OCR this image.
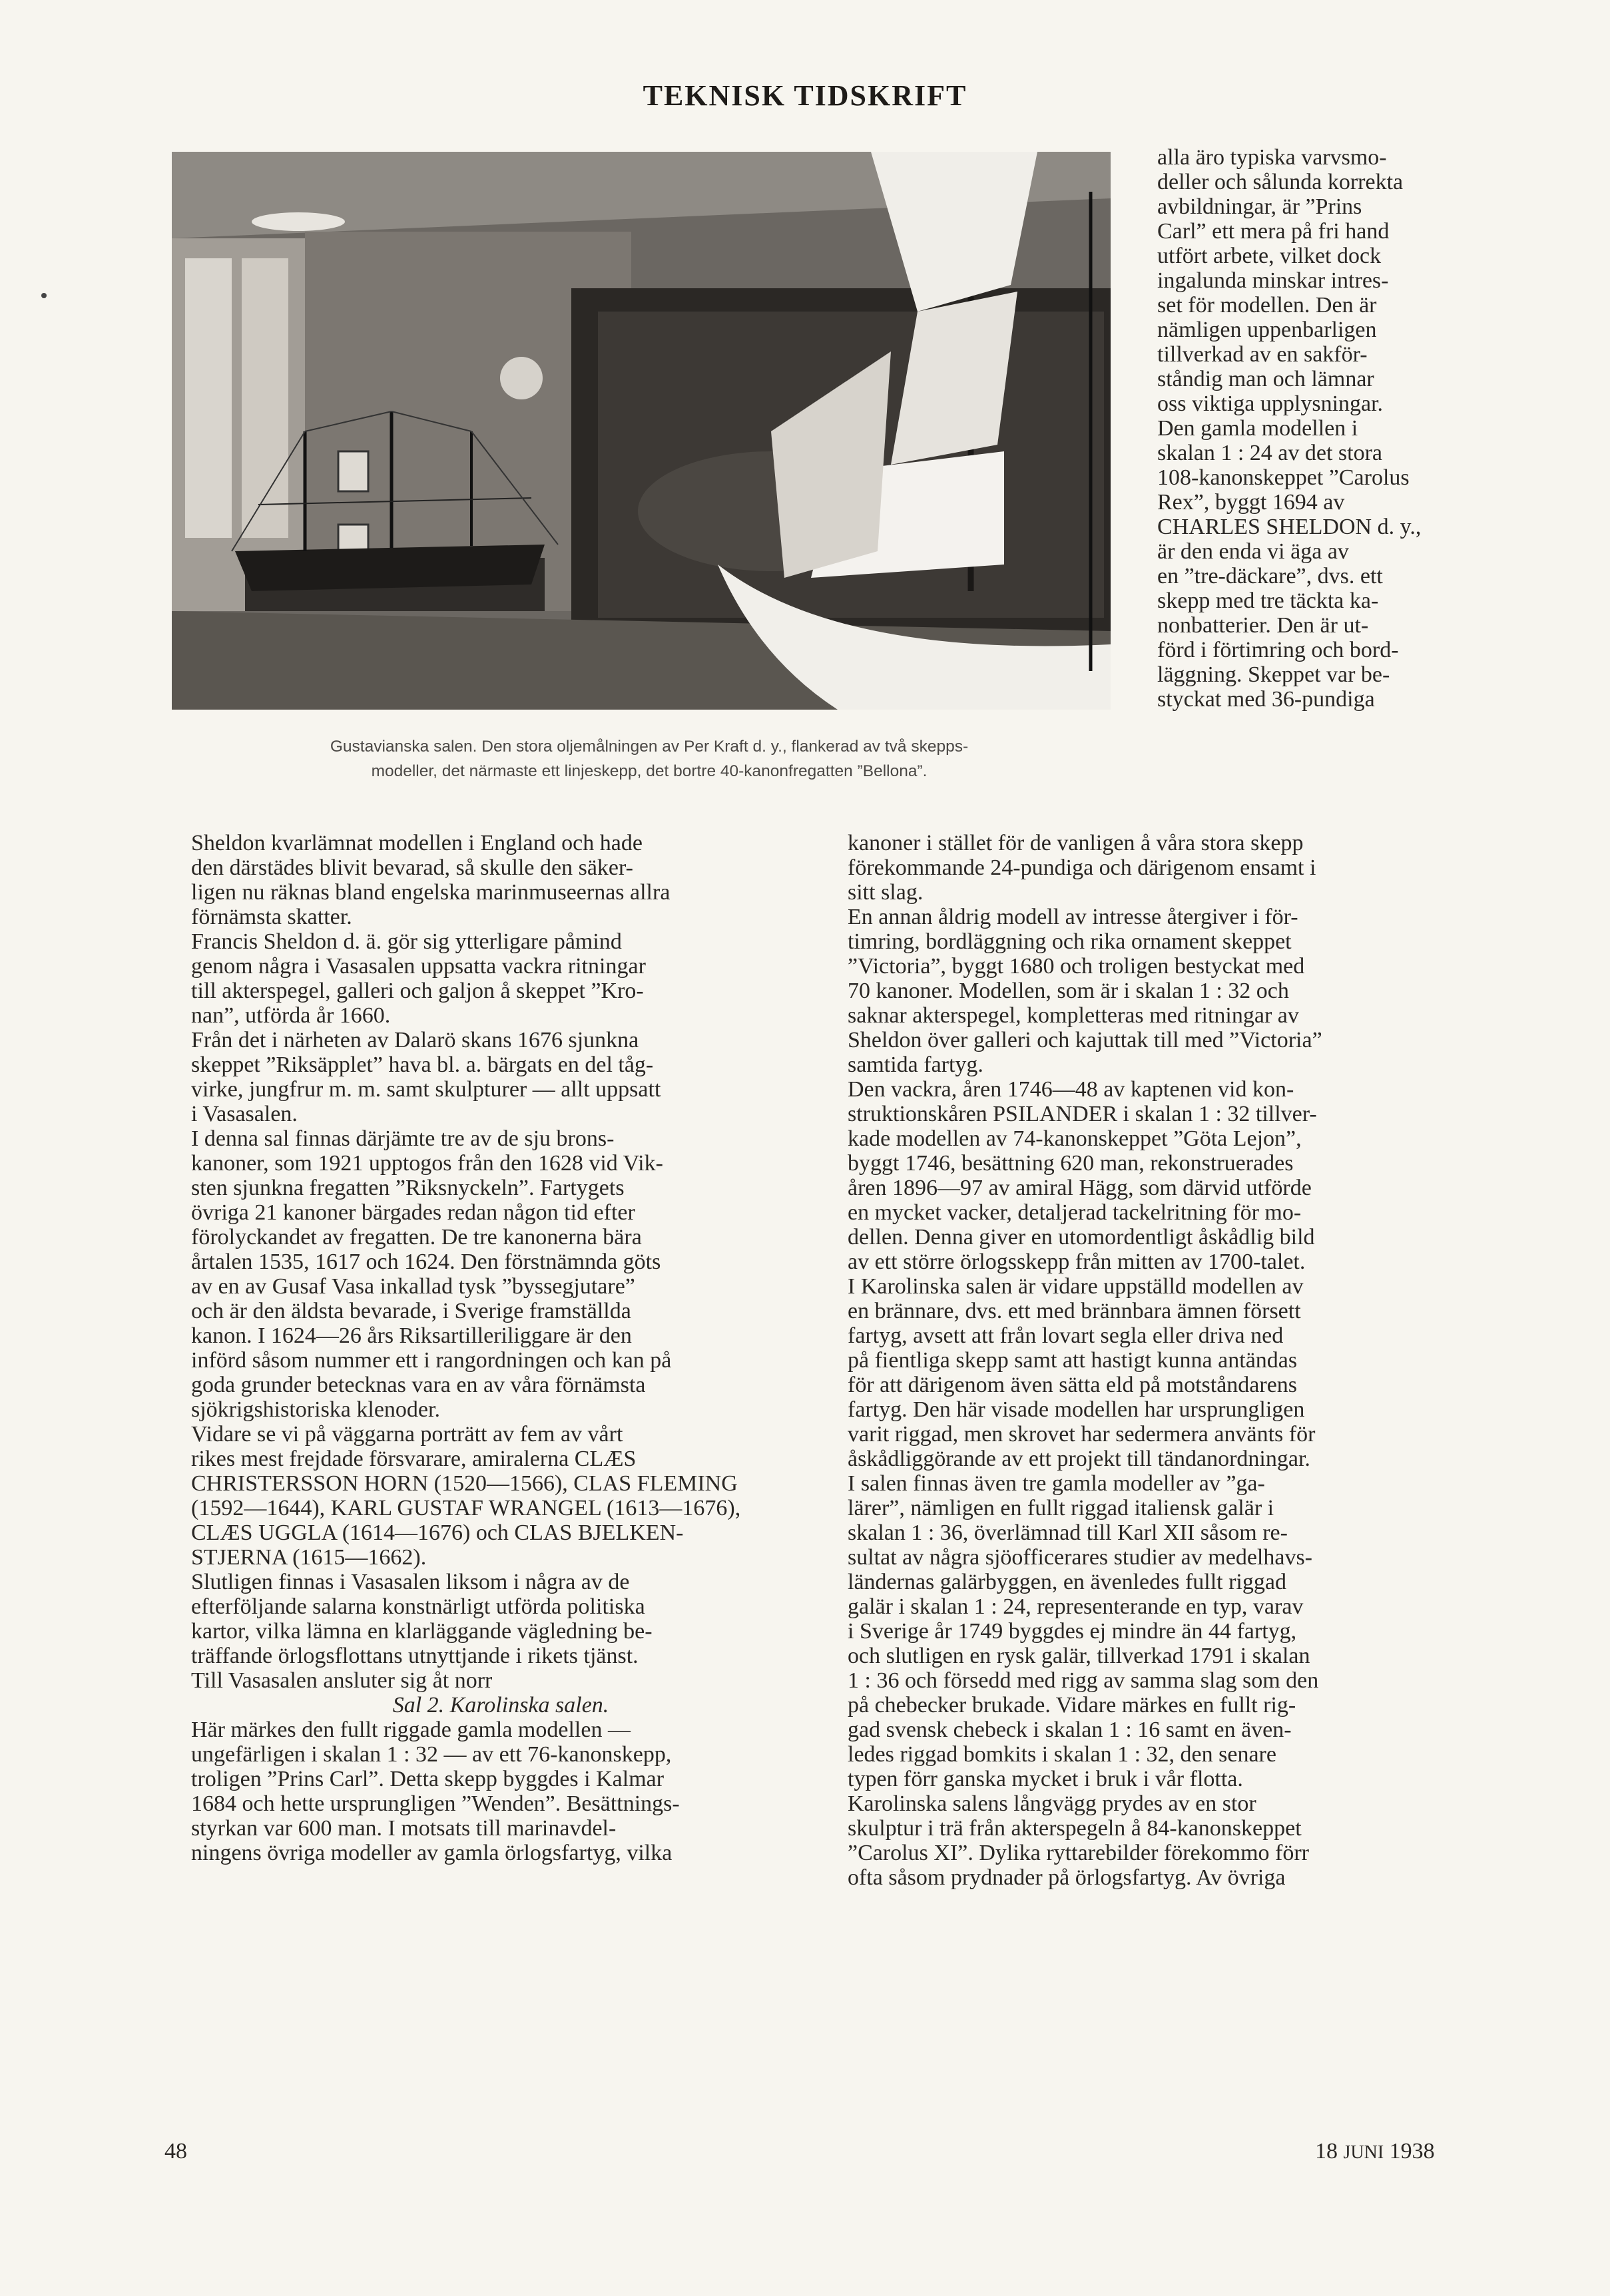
TEKNISK TIDSKRIFT
Gustavianska salen. Den stora oljemålningen av Per Kraft d. y., flankerad av två skepps-
modeller, det närmaste ett linjeskepp, det bortre 40-kanonfregatten ”Bellona”.

alla äro typiska varvsmo-

deller och sålunda korrekta

avbildningar, är ”Prins

Carl” ett mera på fri hand

utfört arbete, vilket dock

ingalunda minskar intres-

set för modellen. Den är

nämligen uppenbarligen

tillverkad av en sakför-

ståndig man och lämnar

oss viktiga upplysningar.

Den gamla modellen i

skalan 1 : 24 av det stora

108-kanonskeppet ”Carolus

Rex”, byggt 1694 av

CHARLES SHELDON d. y.,

är den enda vi äga av

en ”tre-däckare”, dvs. ett

skepp med tre täckta ka-

nonbatterier. Den är ut-

förd i förtimring och bord-

läggning. Skeppet var be-

styckat med 36-pundiga

Sheldon kvarlämnat modellen i England och hade

den därstädes blivit bevarad, så skulle den säker-

ligen nu räknas bland engelska marinmuseernas allra

förnämsta skatter.

Francis Sheldon d. ä. gör sig ytterligare påmind

genom några i Vasasalen uppsatta vackra ritningar

till akterspegel, galleri och galjon å skeppet ”Kro-

nan”, utförda år 1660.

Från det i närheten av Dalarö skans 1676 sjunkna

skeppet ”Riksäpplet” hava bl. a. bärgats en del tåg-

virke, jungfrur m. m. samt skulpturer — allt uppsatt

i Vasasalen.

I denna sal finnas därjämte tre av de sju brons-

kanoner, som 1921 upptogos från den 1628 vid Vik-

sten sjunkna fregatten ”Riksnyckeln”. Fartygets

övriga 21 kanoner bärgades redan någon tid efter

förolyckandet av fregatten. De tre kanonerna bära

årtalen 1535, 1617 och 1624. Den förstnämnda göts

av en av Gusaf Vasa inkallad tysk ”byssegjutare”

och är den äldsta bevarade, i Sverige framställda

kanon. I 1624—26 års Riksartilleriliggare är den

införd såsom nummer ett i rangordningen och kan på

goda grunder betecknas vara en av våra förnämsta

sjökrigshistoriska klenoder.

Vidare se vi på väggarna porträtt av fem av vårt

rikes mest frejdade försvarare, amiralerna CLÆS

CHRISTERSSON HORN (1520—1566), CLAS FLEMING

(1592—1644), KARL GUSTAF WRANGEL (1613—1676),

CLÆS UGGLA (1614—1676) och CLAS BJELKEN-

STJERNA (1615—1662).

Slutligen finnas i Vasasalen liksom i några av de

efterföljande salarna konstnärligt utförda politiska

kartor, vilka lämna en klarläggande vägledning be-

träffande örlogsflottans utnyttjande i rikets tjänst.

Till Vasasalen ansluter sig åt norr

Sal 2. Karolinska salen.

Här märkes den fullt riggade gamla modellen —

ungefärligen i skalan 1 : 32 — av ett 76-kanonskepp,

troligen ”Prins Carl”. Detta skepp byggdes i Kalmar

1684 och hette ursprungligen ”Wenden”. Besättnings-

styrkan var 600 man. I motsats till marinavdel-

ningens övriga modeller av gamla örlogsfartyg, vilka

kanoner i stället för de vanligen å våra stora skepp

förekommande 24-pundiga och därigenom ensamt i

sitt slag.

En annan åldrig modell av intresse återgiver i för-

timring, bordläggning och rika ornament skeppet

”Victoria”, byggt 1680 och troligen bestyckat med

70 kanoner. Modellen, som är i skalan 1 : 32 och

saknar akterspegel, kompletteras med ritningar av

Sheldon över galleri och kajuttak till med ”Victoria”

samtida fartyg.

Den vackra, åren 1746—48 av kaptenen vid kon-

struktionskåren PSILANDER i skalan 1 : 32 tillver-

kade modellen av 74-kanonskeppet ”Göta Lejon”,

byggt 1746, besättning 620 man, rekonstruerades

åren 1896—97 av amiral Hägg, som därvid utförde

en mycket vacker, detaljerad tackelritning för mo-

dellen. Denna giver en utomordentligt åskådlig bild

av ett större örlogsskepp från mitten av 1700-talet.

I Karolinska salen är vidare uppställd modellen av

en brännare, dvs. ett med brännbara ämnen försett

fartyg, avsett att från lovart segla eller driva ned

på fientliga skepp samt att hastigt kunna antändas

för att därigenom även sätta eld på motståndarens

fartyg. Den här visade modellen har ursprungligen

varit riggad, men skrovet har sedermera använts för

åskådliggörande av ett projekt till tändanordningar.

I salen finnas även tre gamla modeller av ”ga-

lärer”, nämligen en fullt riggad italiensk galär i

skalan 1 : 36, överlämnad till Karl XII såsom re-

sultat av några sjöofficerares studier av medelhavs-

ländernas galärbyggen, en ävenledes fullt riggad

galär i skalan 1 : 24, representerande en typ, varav

i Sverige år 1749 byggdes ej mindre än 44 fartyg,

och slutligen en rysk galär, tillverkad 1791 i skalan

1 : 36 och försedd med rigg av samma slag som den

på chebecker brukade. Vidare märkes en fullt rig-

gad svensk chebeck i skalan 1 : 16 samt en även-

ledes riggad bomkits i skalan 1 : 32, den senare

typen förr ganska mycket i bruk i vår flotta.

Karolinska salens långvägg prydes av en stor

skulptur i trä från akterspegeln å 84-kanonskeppet

”Carolus XI”. Dylika ryttarebilder förekommo förr

ofta såsom prydnader på örlogsfartyg. Av övriga

48	18 JUNI 1938
